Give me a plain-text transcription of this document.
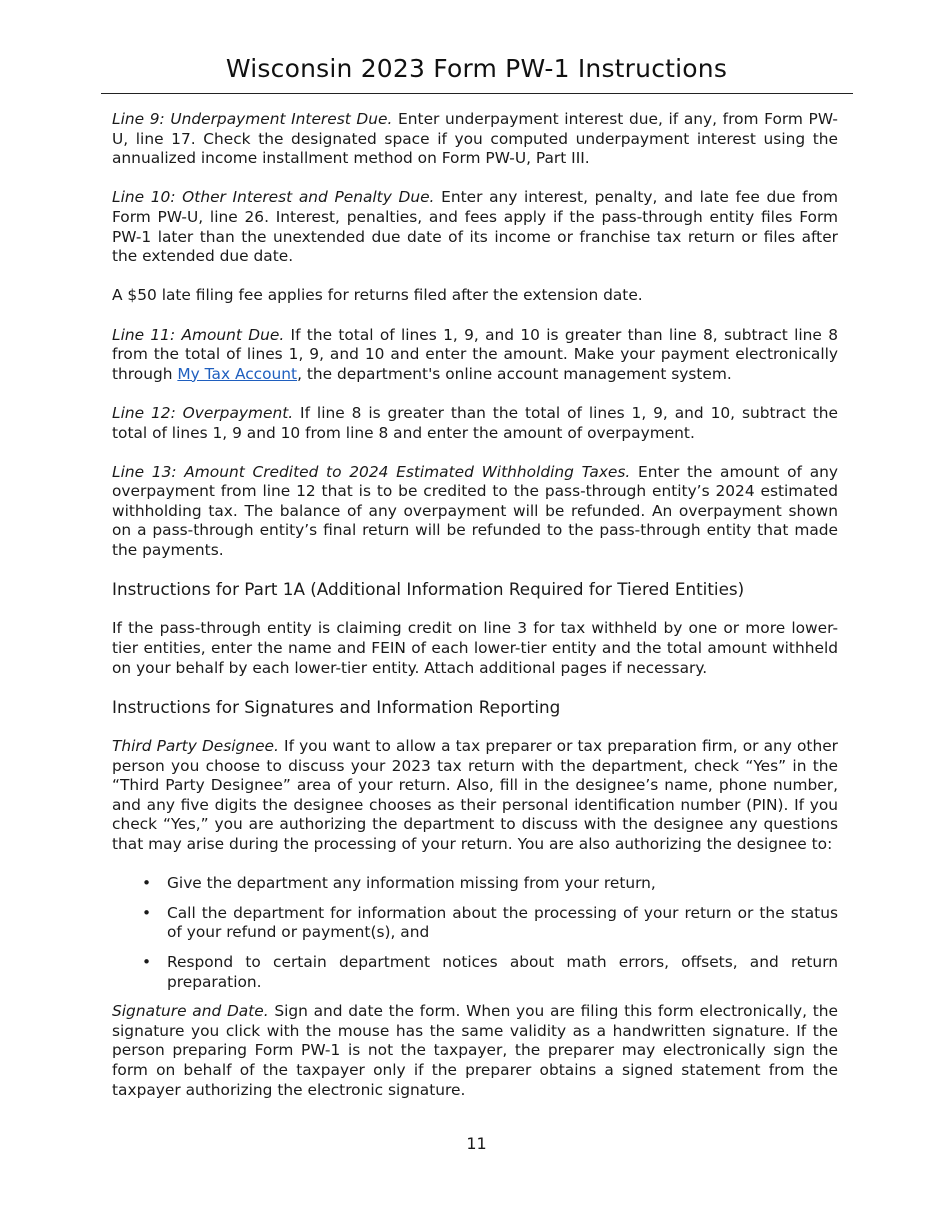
Wisconsin 2023 Form PW-1 Instructions

Line 9: Underpayment Interest Due. Enter underpayment interest due, if any, from Form PW-U, line 17. Check the designated space if you computed underpayment interest using the annualized income installment method on Form PW-U, Part III.

Line 10: Other Interest and Penalty Due. Enter any interest, penalty, and late fee due from Form PW-U, line 26. Interest, penalties, and fees apply if the pass-through entity files Form PW-1 later than the unextended due date of its income or franchise tax return or files after the extended due date.

A $50 late filing fee applies for returns filed after the extension date.

Line 11: Amount Due. If the total of lines 1, 9, and 10 is greater than line 8, subtract line 8 from the total of lines 1, 9, and 10 and enter the amount. Make your payment electronically through My Tax Account, the department's online account management system.

Line 12: Overpayment. If line 8 is greater than the total of lines 1, 9, and 10, subtract the total of lines 1, 9 and 10 from line 8 and enter the amount of overpayment.

Line 13: Amount Credited to 2024 Estimated Withholding Taxes. Enter the amount of any overpayment from line 12 that is to be credited to the pass-through entity’s 2024 estimated withholding tax. The balance of any overpayment will be refunded. An overpayment shown on a pass-through entity’s final return will be refunded to the pass-through entity that made the payments.

Instructions for Part 1A (Additional Information Required for Tiered Entities)

If the pass-through entity is claiming credit on line 3 for tax withheld by one or more lower-tier entities, enter the name and FEIN of each lower-tier entity and the total amount withheld on your behalf by each lower-tier entity. Attach additional pages if necessary.

Instructions for Signatures and Information Reporting

Third Party Designee. If you want to allow a tax preparer or tax preparation firm, or any other person you choose to discuss your 2023 tax return with the department, check “Yes” in the “Third Party Designee” area of your return. Also, fill in the designee’s name, phone number, and any five digits the designee chooses as their personal identification number (PIN). If you check “Yes,” you are authorizing the department to discuss with the designee any questions that may arise during the processing of your return. You are also authorizing the designee to:

• Give the department any information missing from your return,
• Call the department for information about the processing of your return or the status of your refund or payment(s), and
• Respond to certain department notices about math errors, offsets, and return preparation.

Signature and Date. Sign and date the form. When you are filing this form electronically, the signature you click with the mouse has the same validity as a handwritten signature. If the person preparing Form PW-1 is not the taxpayer, the preparer may electronically sign the form on behalf of the taxpayer only if the preparer obtains a signed statement from the taxpayer authorizing the electronic signature.

11
